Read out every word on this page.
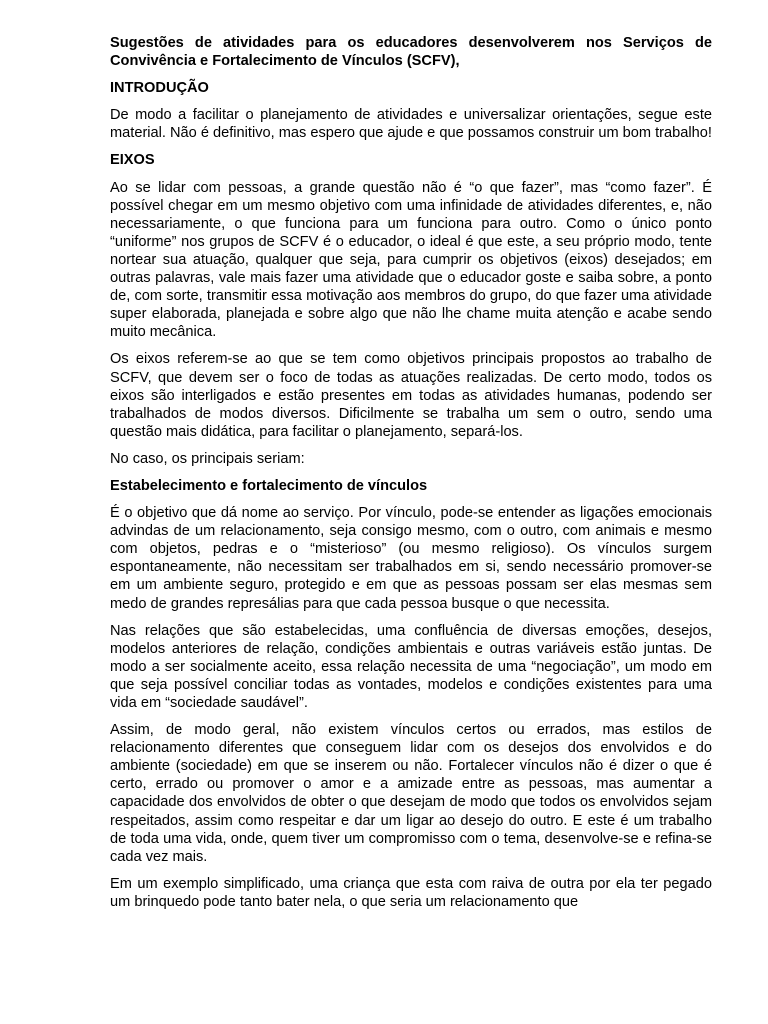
Sugestões de atividades para os educadores desenvolverem nos Serviços de Convivência e Fortalecimento de Vínculos (SCFV),

INTRODUÇÃO

De modo a facilitar o planejamento de atividades e universalizar orientações, segue este material. Não é definitivo, mas espero que ajude e que possamos construir um bom trabalho!

EIXOS

Ao se lidar com pessoas, a grande questão não é “o que fazer”, mas “como fazer”. É possível chegar em um mesmo objetivo com uma infinidade de atividades diferentes, e, não necessariamente, o que funciona para um funciona para outro. Como o único ponto “uniforme” nos grupos de SCFV é o educador, o ideal é que este, a seu próprio modo, tente nortear sua atuação, qualquer que seja, para cumprir os objetivos (eixos) desejados; em outras palavras, vale mais fazer uma atividade que o educador goste e saiba sobre, a ponto de, com sorte, transmitir essa motivação aos membros do grupo, do que fazer uma atividade super elaborada, planejada e sobre algo que não lhe chame muita atenção e acabe sendo muito mecânica.

Os eixos referem-se ao que se tem como objetivos principais propostos ao trabalho de SCFV, que devem ser o foco de todas as atuações realizadas. De certo modo, todos os eixos são interligados e estão presentes em todas as atividades humanas, podendo ser trabalhados de modos diversos. Dificilmente se trabalha um sem o outro, sendo uma questão mais didática, para facilitar o planejamento, separá-los.

No caso, os principais seriam:

Estabelecimento e fortalecimento de vínculos

É o objetivo que dá nome ao serviço. Por vínculo, pode-se entender as ligações emocionais advindas de um relacionamento, seja consigo mesmo, com o outro, com animais e mesmo com objetos, pedras e o “misterioso” (ou mesmo religioso). Os vínculos surgem espontaneamente, não necessitam ser trabalhados em si, sendo necessário promover-se em um ambiente seguro, protegido e em que as pessoas possam ser elas mesmas sem medo de grandes represálias para que cada pessoa busque o que necessita.

Nas relações que são estabelecidas, uma confluência de diversas emoções, desejos, modelos anteriores de relação, condições ambientais e outras variáveis estão juntas. De modo a ser socialmente aceito, essa relação necessita de uma “negociação”, um modo em que seja possível conciliar todas as vontades, modelos e condições existentes para uma vida em “sociedade saudável”.

Assim, de modo geral, não existem vínculos certos ou errados, mas estilos de relacionamento diferentes que conseguem lidar com os desejos dos envolvidos e do ambiente (sociedade) em que se inserem ou não. Fortalecer vínculos não é dizer o que é certo, errado ou promover o amor e a amizade entre as pessoas, mas aumentar a capacidade dos envolvidos de obter o que desejam de modo que todos os envolvidos sejam respeitados, assim como respeitar e dar um ligar ao desejo do outro. E este é um trabalho de toda uma vida, onde, quem tiver um compromisso com o tema, desenvolve-se e refina-se cada vez mais.

Em um exemplo simplificado, uma criança que esta com raiva de outra por ela ter pegado um brinquedo pode tanto bater nela, o que seria um relacionamento que
